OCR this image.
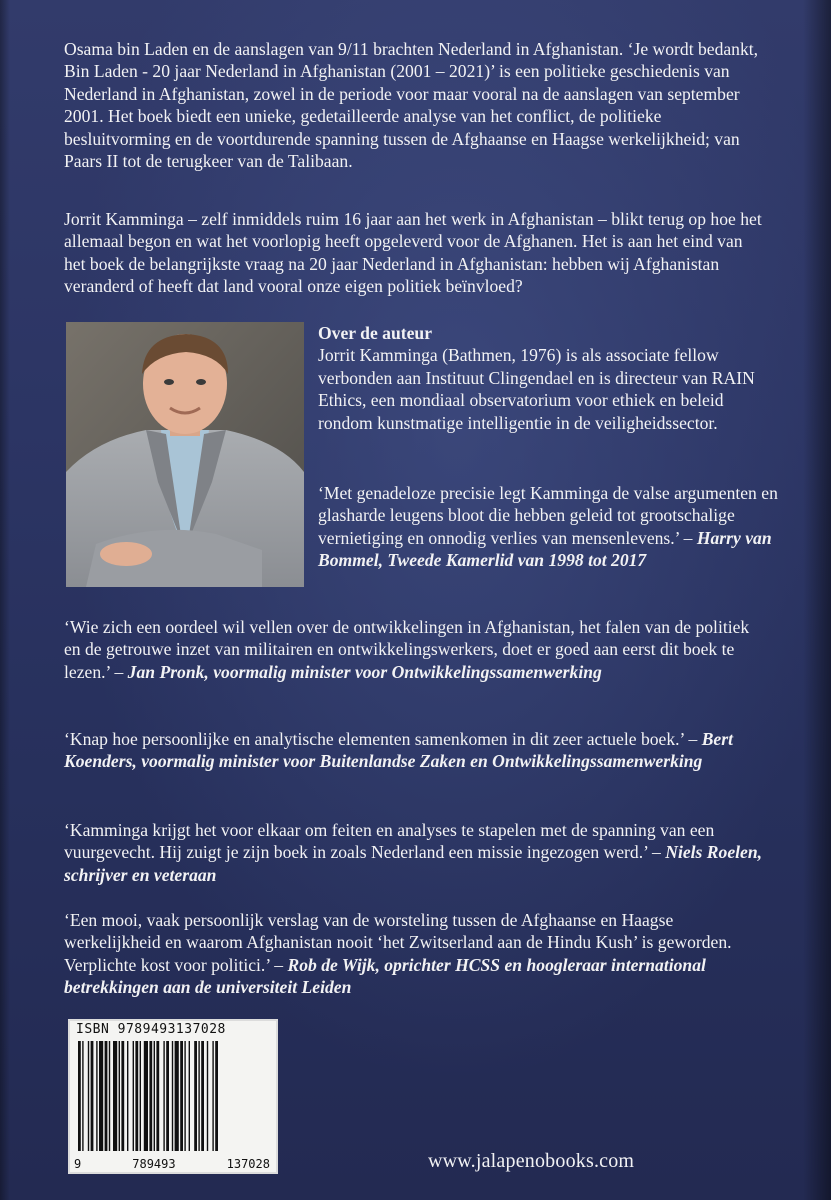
Osama bin Laden en de aanslagen van 9/11 brachten Nederland in Afghanistan. ‘Je wordt bedankt, Bin Laden - 20 jaar Nederland in Afghanistan (2001 – 2021)’ is een politieke geschiedenis van Nederland in Afghanistan, zowel in de periode voor maar vooral na de aanslagen van september 2001. Het boek biedt een unieke, gedetailleerde analyse van het conflict, de politieke besluitvorming en de voortdurende spanning tussen de Afghaanse en Haagse werkelijkheid; van Paars II tot de terugkeer van de Talibaan.

Jorrit Kamminga – zelf inmiddels ruim 16 jaar aan het werk in Afghanistan – blikt terug op hoe het allemaal begon en wat het voorlopig heeft opgeleverd voor de Afghanen. Het is aan het eind van het boek de belangrijkste vraag na 20 jaar Nederland in Afghanistan: hebben wij Afghanistan veranderd of heeft dat land vooral onze eigen politiek beïnvloed?

Over de auteur
Jorrit Kamminga (Bathmen, 1976) is als associate fellow verbonden aan Instituut Clingendael en is directeur van RAIN Ethics, een mondiaal observatorium voor ethiek en beleid rondom kunstmatige intelligentie in de veiligheidssector.

‘Met genadeloze precisie legt Kamminga de valse argumenten en glasharde leugens bloot die hebben geleid tot grootschalige vernietiging en onnodig verlies van mensenlevens.’ – Harry van Bommel, Tweede Kamerlid van 1998 tot 2017

‘Wie zich een oordeel wil vellen over de ontwikkelingen in Afghanistan, het falen van de politiek en de getrouwe inzet van militairen en ontwikkelingswerkers, doet er goed aan eerst dit boek te lezen.’ – Jan Pronk, voormalig minister voor Ontwikkelingssamenwerking

‘Knap hoe persoonlijke en analytische elementen samenkomen in dit zeer actuele boek.’ – Bert Koenders, voormalig minister voor Buitenlandse Zaken en Ontwikkelingssamenwerking

‘Kamminga krijgt het voor elkaar om feiten en analyses te stapelen met de spanning van een vuurgevecht. Hij zuigt je zijn boek in zoals Nederland een missie ingezogen werd.’ – Niels Roelen, schrijver en veteraan

‘Een mooi, vaak persoonlijk verslag van de worsteling tussen de Afghaanse en Haagse werkelijkheid en waarom Afghanistan nooit ‘het Zwitserland aan de Hindu Kush’ is geworden. Verplichte kost voor politici.’ – Rob de Wijk, oprichter HCSS en hoogleraar international betrekkingen aan de universiteit Leiden

ISBN 9789493137028
9	789493	137028	www.jalapenobooks.com
